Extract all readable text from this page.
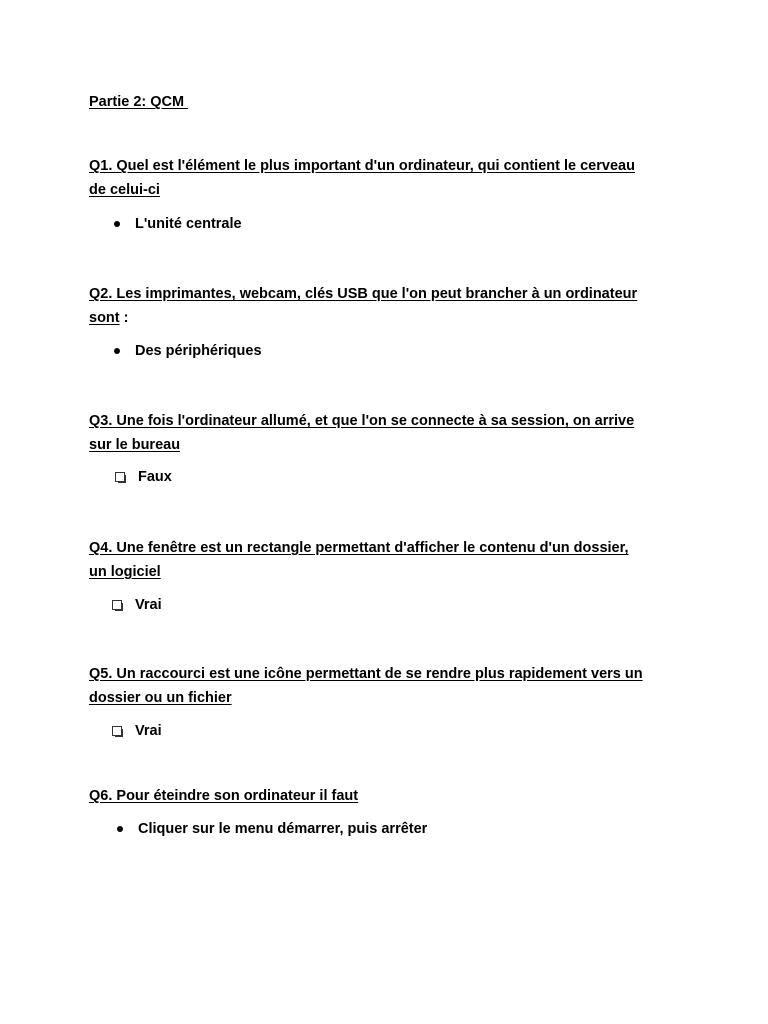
Partie 2: QCM
Q1. Quel est l'élément le plus important d'un ordinateur, qui contient le cerveau
de celui-ci
L'unité centrale
Q2. Les imprimantes, webcam, clés USB que l'on peut brancher à un ordinateur
sont :
Des périphériques
Q3. Une fois l'ordinateur allumé, et que l'on se connecte à sa session, on arrive
sur le bureau
Faux
Q4. Une fenêtre est un rectangle permettant d'afficher le contenu d'un dossier,
un logiciel
Vrai
Q5. Un raccourci est une icône permettant de se rendre plus rapidement vers un
dossier ou un fichier
Vrai
Q6. Pour éteindre son ordinateur il faut
Cliquer sur le menu démarrer, puis arrêter
